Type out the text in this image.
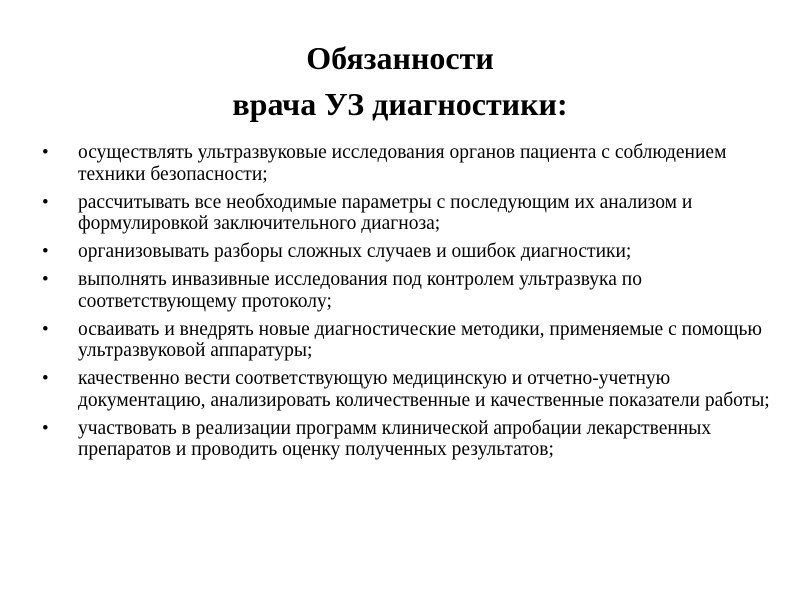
Обязанности
врача УЗ диагностики:
• осуществлять ультразвуковые исследования органов пациента с соблюдением техники безопасности;
• рассчитывать все необходимые параметры с последующим их анализом и формулировкой заключительного диагноза;
• организовывать разборы сложных случаев и ошибок диагностики;
• выполнять инвазивные исследования под контролем ультразвука по соответствующему протоколу;
• осваивать и внедрять новые диагностические методики, применяемые с помощью ультразвуковой аппаратуры;
• качественно вести соответствующую медицинскую и отчетно-учетную документацию, анализировать количественные и качественные показатели работы;
• участвовать в реализации программ клинической апробации лекарственных препаратов и проводить оценку полученных результатов;
